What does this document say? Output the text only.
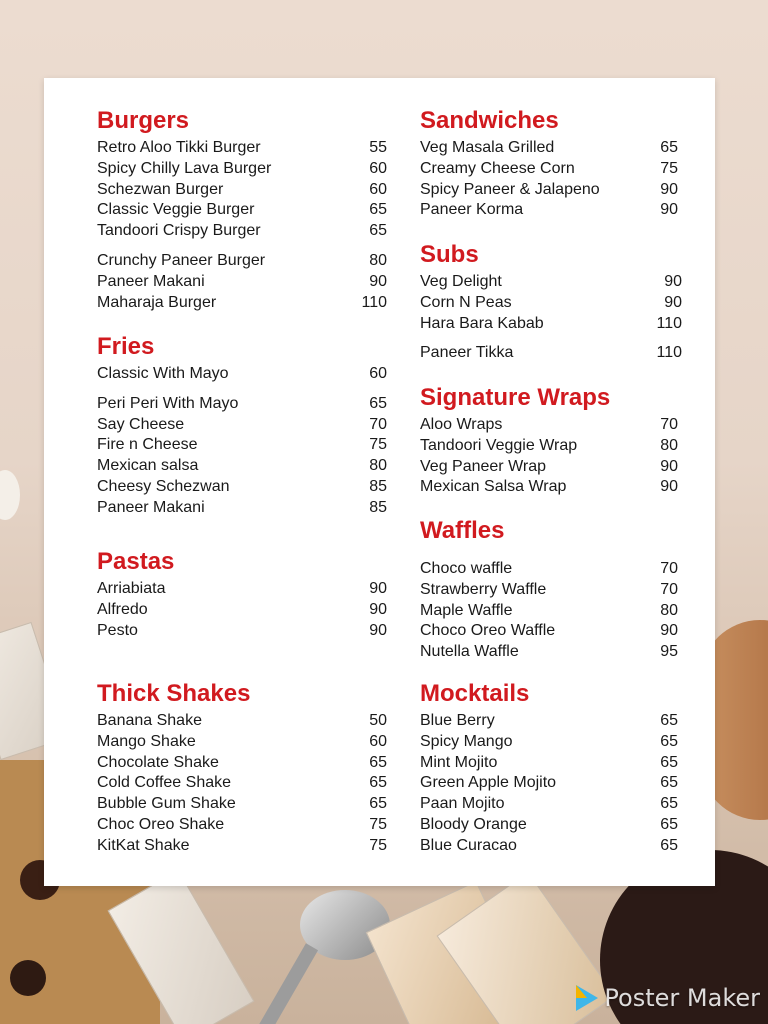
Burgers
Retro Aloo Tikki Burger	55
Spicy Chilly Lava Burger	60
Schezwan Burger	60
Classic Veggie Burger	65
Tandoori Crispy Burger	65
Crunchy Paneer Burger	80
Paneer Makani	90
Maharaja Burger	110
Fries
Classic With Mayo	60
Peri Peri With Mayo	65
Say Cheese	70
Fire n Cheese	75
Mexican salsa	80
Cheesy Schezwan	85
Paneer Makani	85
Pastas
Arriabiata	90
Alfredo	90
Pesto	90
Thick Shakes
Banana Shake	50
Mango Shake	60
Chocolate Shake	65
Cold Coffee Shake	65
Bubble Gum Shake	65
Choc Oreo Shake	75
KitKat Shake	75
Sandwiches
Veg Masala Grilled	65
Creamy Cheese Corn	75
Spicy Paneer & Jalapeno	90
Paneer Korma	90
Subs
Veg Delight	90
Corn N Peas	90
Hara Bara Kabab	110
Paneer Tikka	110
Signature Wraps
Aloo Wraps	70
Tandoori Veggie Wrap	80
Veg Paneer Wrap	90
Mexican Salsa Wrap	90
Waffles
Choco waffle	70
Strawberry Waffle	70
Maple Waffle	80
Choco Oreo Waffle	90
Nutella Waffle	95
Mocktails
Blue Berry	65
Spicy Mango	65
Mint Mojito	65
Green Apple Mojito	65
Paan Mojito	65
Bloody Orange	65
Blue Curacao	65
Poster Maker
